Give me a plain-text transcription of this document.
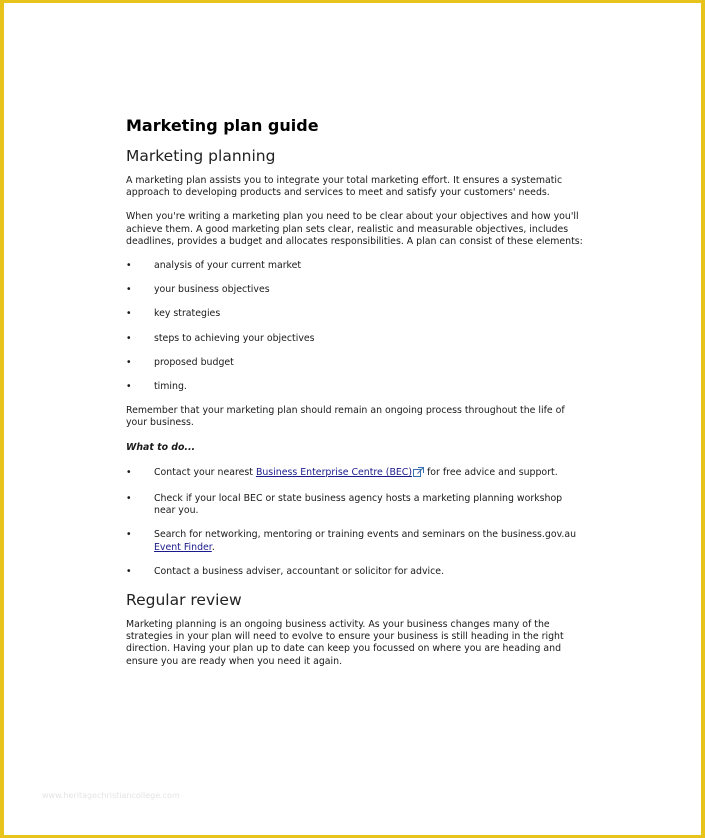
Marketing plan guide
Marketing planning

A marketing plan assists you to integrate your total marketing effort. It ensures a systematic approach to developing products and services to meet and satisfy your customers' needs.

When you're writing a marketing plan you need to be clear about your objectives and how you'll achieve them. A good marketing plan sets clear, realistic and measurable objectives, includes deadlines, provides a budget and allocates responsibilities. A plan can consist of these elements:

• analysis of your current market
• your business objectives
• key strategies
• steps to achieving your objectives
• proposed budget
• timing.

Remember that your marketing plan should remain an ongoing process throughout the life of your business.

What to do...
• Contact your nearest Business Enterprise Centre (BEC) for free advice and support.
• Check if your local BEC or state business agency hosts a marketing planning workshop near you.
• Search for networking, mentoring or training events and seminars on the business.gov.au Event Finder.
• Contact a business adviser, accountant or solicitor for advice.
Regular review

Marketing planning is an ongoing business activity. As your business changes many of the strategies in your plan will need to evolve to ensure your business is still heading in the right direction. Having your plan up to date can keep you focussed on where you are heading and ensure you are ready when you need it again.

www.heritagechristiancollege.com
